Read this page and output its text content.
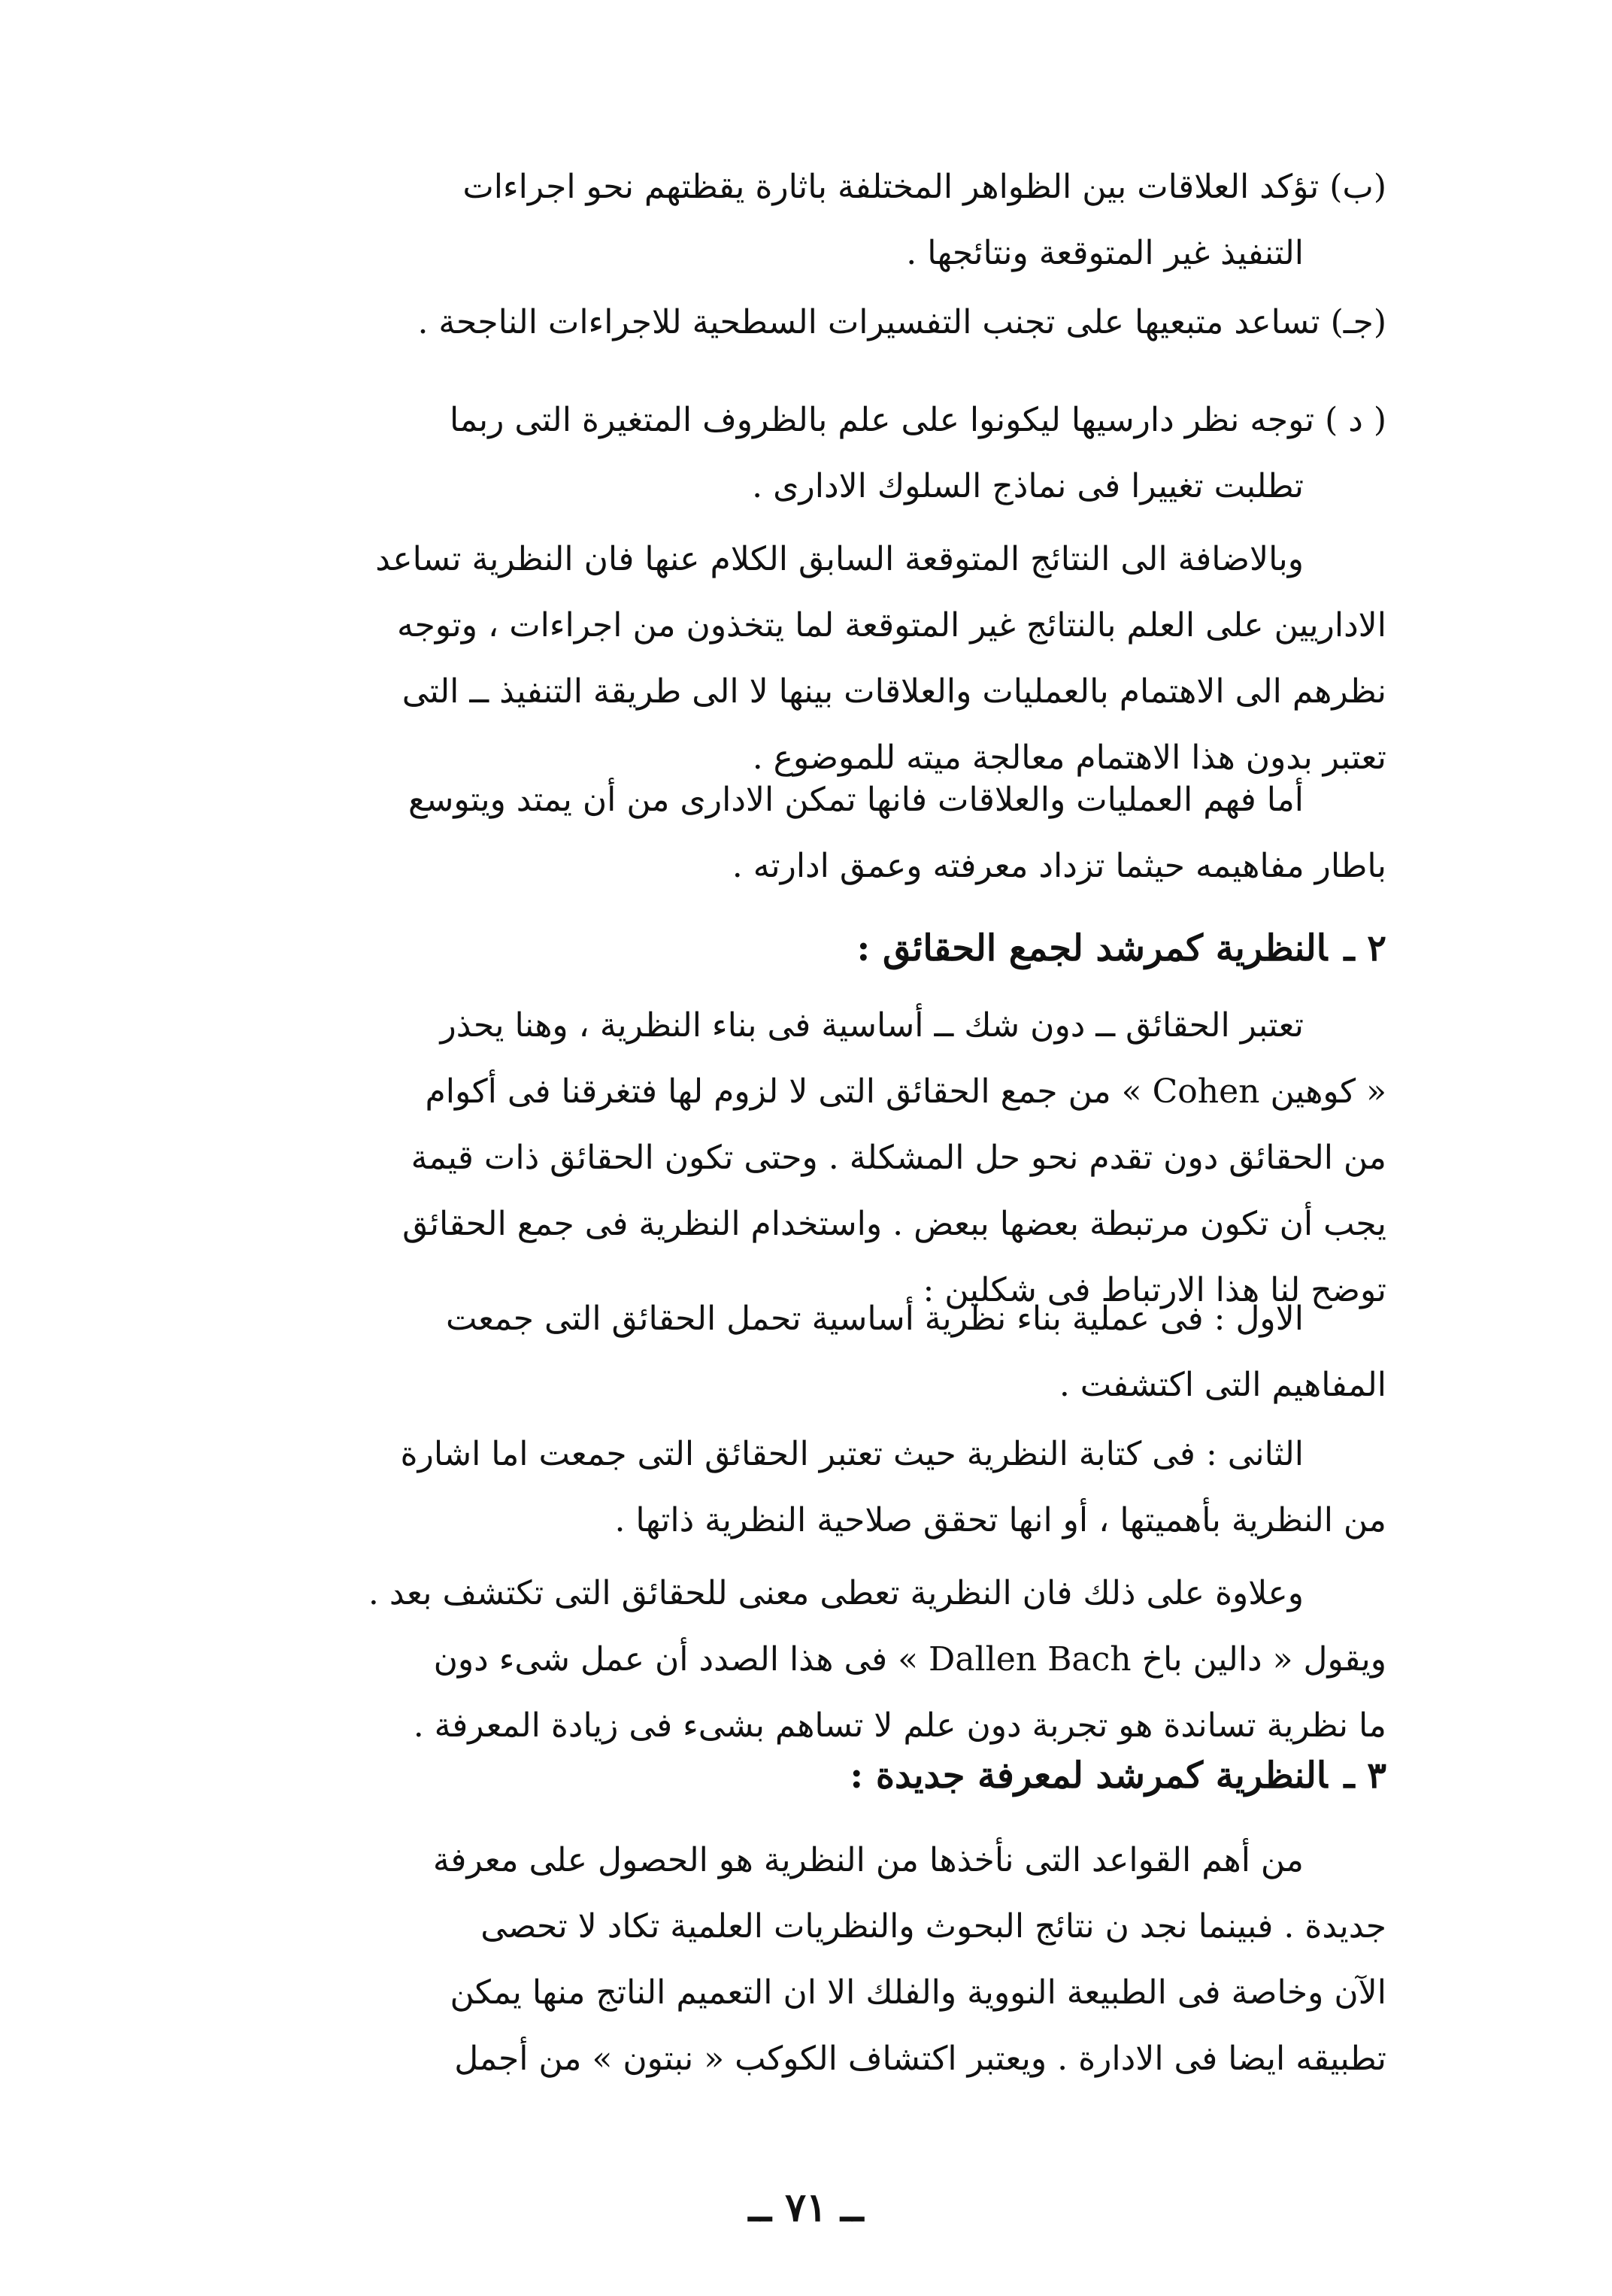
(ب) تؤكد العلاقات بين الظواهر المختلفة باثارة يقظتهم نحو اجراءات
التنفيذ غير المتوقعة ونتائجها .
(جـ) تساعد متبعيها على تجنب التفسيرات السطحية للاجراءات الناجحة .
( د ) توجه نظر دارسيها ليكونوا على علم بالظروف المتغيرة التى ربما
تطلبت تغييرا فى نماذج السلوك الادارى .
وبالاضافة الى النتائج المتوقعة السابق الكلام عنها فان النظرية تساعد
الاداريين على العلم بالنتائج غير المتوقعة لما يتخذون من اجراءات ، وتوجه
نظرهم الى الاهتمام بالعمليات والعلاقات بينها لا الى طريقة التنفيذ ــ التى
تعتبر بدون هذا الاهتمام معالجة ميته للموضوع .
أما فهم العمليات والعلاقات فانها تمكن الادارى من أن يمتد ويتوسع
باطار مفاهيمه حيثما تزداد معرفته وعمق ادارته .
٢ ـالنظرية كمرشد لجمع الحقائق :
تعتبر الحقائق ــ دون شك ــ أساسية فى بناء النظرية ، وهنا يحذر
« كوهين Cohen » من جمع الحقائق التى لا لزوم لها فتغرقنا فى أكوام
من الحقائق دون تقدم نحو حل المشكلة . وحتى تكون الحقائق ذات قيمة
يجب أن تكون مرتبطة بعضها ببعض . واستخدام النظرية فى جمع الحقائق
توضح لنا هذا الارتباط فى شكلين :
الاول : فى عملية بناء نظرية أساسية تحمل الحقائق التى جمعت
المفاهيم التى اكتشفت .
الثانى : فى كتابة النظرية حيث تعتبر الحقائق التى جمعت اما اشارة
من النظرية بأهميتها ، أو انها تحقق صلاحية النظرية ذاتها .
وعلاوة على ذلك فان النظرية تعطى معنى للحقائق التى تكتشف بعد .
ويقول « دالين باخ Dallen Bach » فى هذا الصدد أن عمل شىء دون
ما نظرية تساندة هو تجربة دون علم لا تساهم بشىء فى زيادة المعرفة .
٣ ـالنظرية كمرشد لمعرفة جديدة :
من أهم القواعد التى نأخذها من النظرية هو الحصول على معرفة
جديدة . فبينما نجد ن نتائج البحوث والنظريات العلمية تكاد لا تحصى
الآن وخاصة فى الطبيعة النووية والفلك الا ان التعميم الناتج منها يمكن
تطبيقه ايضا فى الادارة . ويعتبر اكتشاف الكوكب « نبتون » من أجمل
ــ ٧١ ــ
